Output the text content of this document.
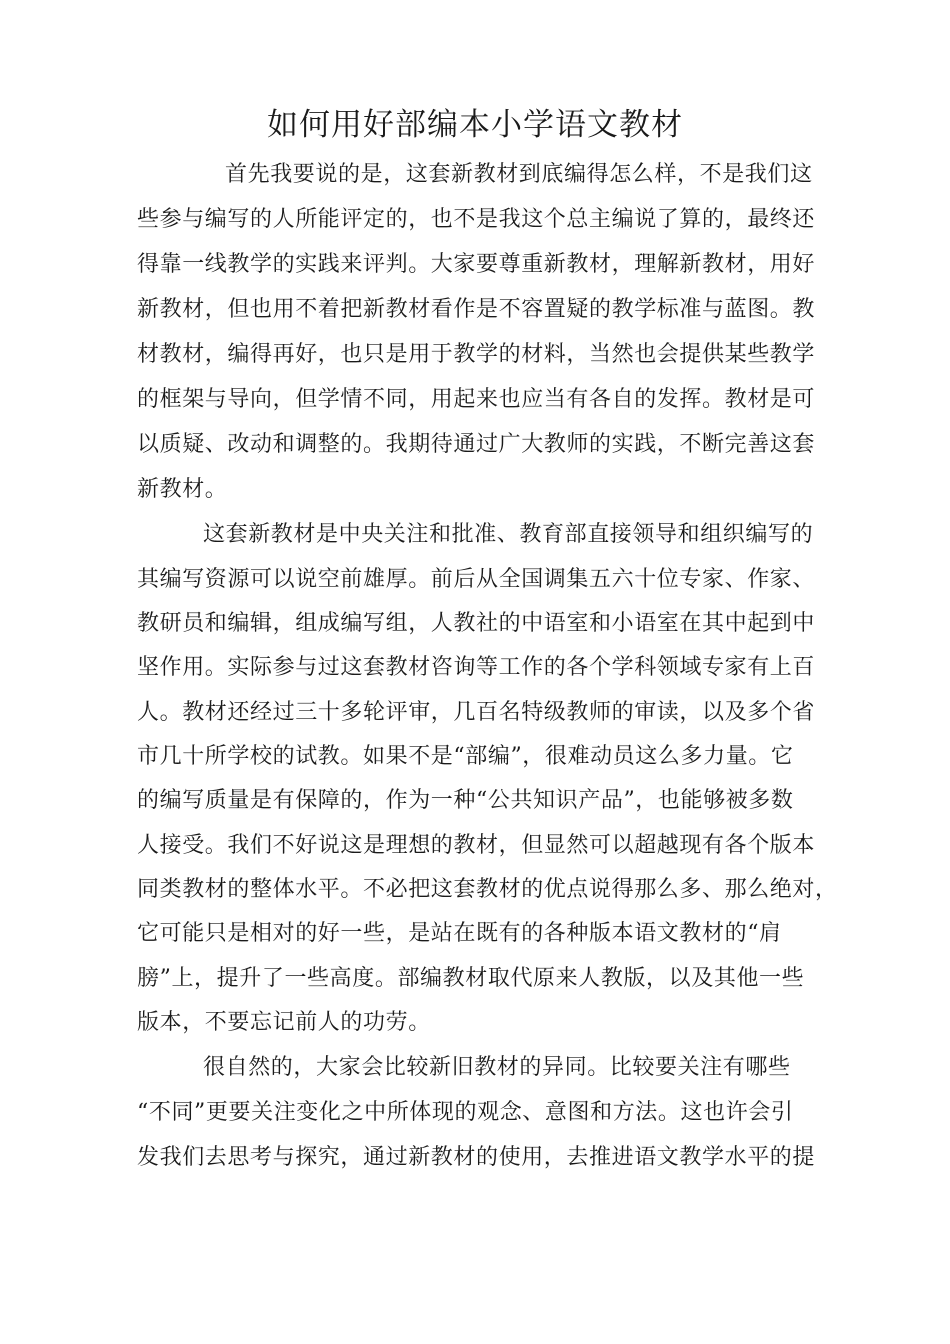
如何用好部编本小学语文教材
首先我要说的是，这套新教材到底编得怎么样，不是我们这
些参与编写的人所能评定的，也不是我这个总主编说了算的，最终还
得靠一线教学的实践来评判。大家要尊重新教材，理解新教材，用好
新教材，但也用不着把新教材看作是不容置疑的教学标准与蓝图。教
材教材，编得再好，也只是用于教学的材料，当然也会提供某些教学
的框架与导向，但学情不同，用起来也应当有各自的发挥。教材是可
以质疑、改动和调整的。我期待通过广大教师的实践，不断完善这套
新教材。
这套新教材是中央关注和批准、教育部直接领导和组织编写的
其编写资源可以说空前雄厚。前后从全国调集五六十位专家、作家、
教研员和编辑，组成编写组，人教社的中语室和小语室在其中起到中
坚作用。实际参与过这套教材咨询等工作的各个学科领域专家有上百
人。教材还经过三十多轮评审，几百名特级教师的审读，以及多个省
市几十所学校的试教。如果不是“部编”，很难动员这么多力量。它
的编写质量是有保障的，作为一种“公共知识产品”，也能够被多数
人接受。我们不好说这是理想的教材，但显然可以超越现有各个版本
同类教材的整体水平。不必把这套教材的优点说得那么多、那么绝对，
它可能只是相对的好一些，是站在既有的各种版本语文教材的“肩
膀”上，提升了一些高度。部编教材取代原来人教版，以及其他一些
版本，不要忘记前人的功劳。
很自然的，大家会比较新旧教材的异同。比较要关注有哪些
“不同”更要关注变化之中所体现的观念、意图和方法。这也许会引
发我们去思考与探究，通过新教材的使用，去推进语文教学水平的提
